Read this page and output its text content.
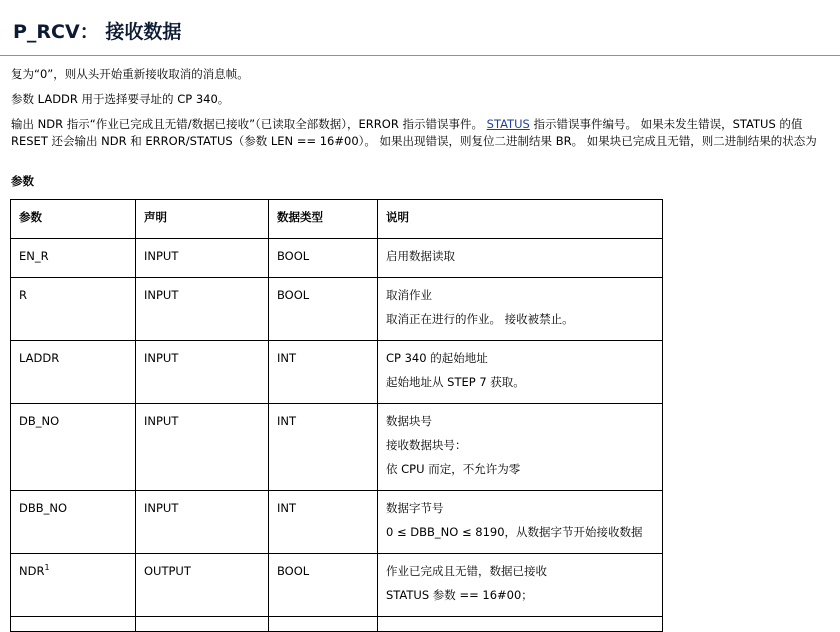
P_RCV： 接收数据

复为“0”，则从头开始重新接收取消的消息帧。

参数 LADDR 用于选择要寻址的 CP 340。

输出 NDR 指示“作业已完成且无错/数据已接收”（已读取全部数据），ERROR 指示错误事件。 STATUS 指示错误事件编号。 如果未发生错误，STATUS 的值

RESET 还会输出 NDR 和 ERROR/STATUS（参数 LEN == 16#00）。 如果出现错误，则复位二进制结果 BR。 如果块已完成且无错，则二进制结果的状态为

参数
参数	声明	数据类型	说明
EN_R	INPUT	BOOL	启用数据读取

R	INPUT	BOOL	取消作业
取消正在进行的作业。 接收被禁止。

LADDR	INPUT	INT	CP 340 的起始地址
起始地址从 STEP 7 获取。

DB_NO	INPUT	INT	数据块号
接收数据块号：
依 CPU 而定，不允许为零

DBB_NO	INPUT	INT	数据字节号
0 ≤ DBB_NO ≤ 8190，从数据字节开始接收数据

NDR$^1$	OUTPUT	BOOL	作业已完成且无错，数据已接收
STATUS 参数 == 16#00；
